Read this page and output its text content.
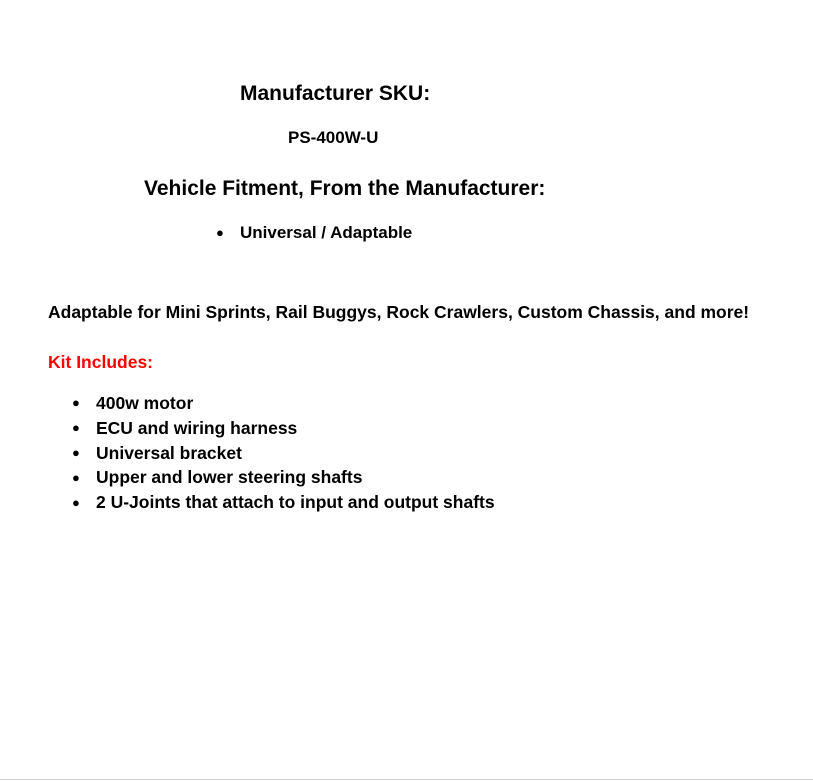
Manufacturer SKU:

PS-400W-U

Vehicle Fitment, From the Manufacturer:
● Universal / Adaptable

Adaptable for Mini Sprints, Rail Buggys, Rock Crawlers, Custom Chassis, and more!

Kit Includes:

● 400w motor
● ECU and wiring harness
● Universal bracket
● Upper and lower steering shafts
● 2 U-Joints that attach to input and output shafts
